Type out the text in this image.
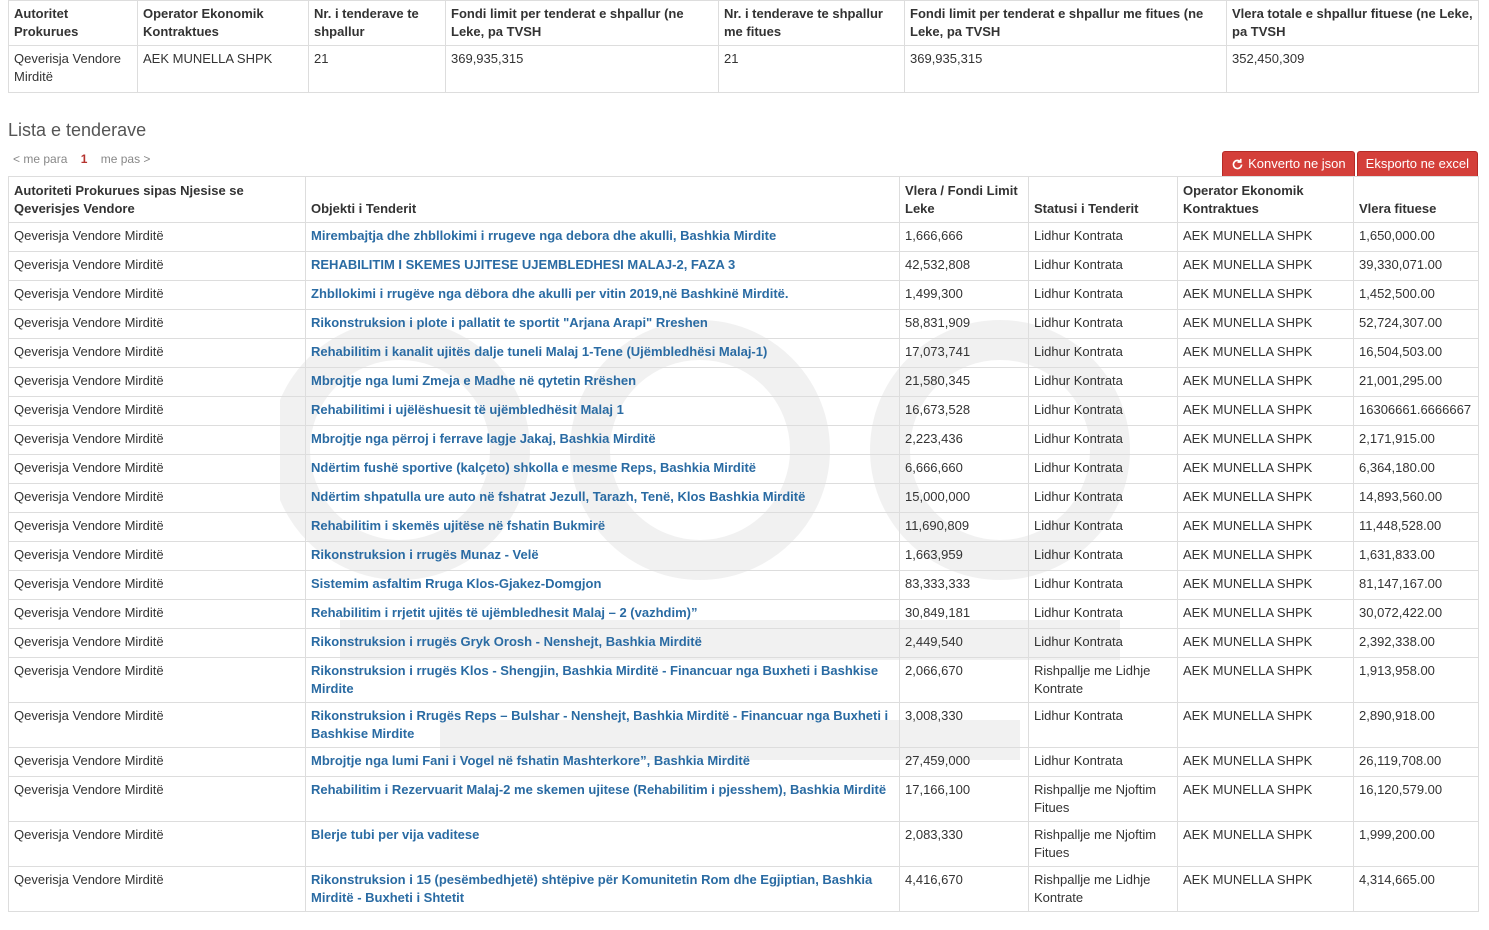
Autoritet Prokurues	Operator Ekonomik Kontraktues	Nr. i tenderave te shpallur	Fondi limit per tenderat e shpallur (ne Leke, pa TVSH	Nr. i tenderave te shpallur me fitues	Fondi limit per tenderat e shpallur me fitues (ne Leke, pa TVSH	Vlera totale e shpallur fituese (ne Leke, pa TVSH
Qeverisja Vendore Mirditë	AEK MUNELLA SHPK	21	369,935,315	21	369,935,315	352,450,309
Lista e tenderave
< me para 1 me pas >	Konverto ne json Eksporto ne excel
Autoriteti Prokurues sipas Njesise se Qeverisjes Vendore	Objekti i Tenderit	Vlera / Fondi Limit Leke	Statusi i Tenderit	Operator Ekonomik Kontraktues	Vlera fituese
Qeverisja Vendore Mirditë	Mirembajtja dhe zhbllokimi i rrugeve nga debora dhe akulli, Bashkia Mirdite	1,666,666	Lidhur Kontrata	AEK MUNELLA SHPK	1,650,000.00
Qeverisja Vendore Mirditë	REHABILITIM I SKEMES UJITESE UJEMBLEDHESI MALAJ-2, FAZA 3	42,532,808	Lidhur Kontrata	AEK MUNELLA SHPK	39,330,071.00
Qeverisja Vendore Mirditë	Zhbllokimi i rrugëve nga dëbora dhe akulli per vitin 2019,në Bashkinë Mirditë.	1,499,300	Lidhur Kontrata	AEK MUNELLA SHPK	1,452,500.00
Qeverisja Vendore Mirditë	Rikonstruksion i plote i pallatit te sportit "Arjana Arapi" Rreshen	58,831,909	Lidhur Kontrata	AEK MUNELLA SHPK	52,724,307.00
Qeverisja Vendore Mirditë	Rehabilitim i kanalit ujitës dalje tuneli Malaj 1-Tene (Ujëmbledhësi Malaj-1)	17,073,741	Lidhur Kontrata	AEK MUNELLA SHPK	16,504,503.00
Qeverisja Vendore Mirditë	Mbrojtje nga lumi Zmeja e Madhe në qytetin Rrëshen	21,580,345	Lidhur Kontrata	AEK MUNELLA SHPK	21,001,295.00
Qeverisja Vendore Mirditë	Rehabilitimi i ujëlëshuesit të ujëmbledhësit Malaj 1	16,673,528	Lidhur Kontrata	AEK MUNELLA SHPK	16306661.6666667
Qeverisja Vendore Mirditë	Mbrojtje nga përroj i ferrave lagje Jakaj, Bashkia Mirditë	2,223,436	Lidhur Kontrata	AEK MUNELLA SHPK	2,171,915.00
Qeverisja Vendore Mirditë	Ndërtim fushë sportive (kalçeto) shkolla e mesme Reps, Bashkia Mirditë	6,666,660	Lidhur Kontrata	AEK MUNELLA SHPK	6,364,180.00
Qeverisja Vendore Mirditë	Ndërtim shpatulla ure auto në fshatrat Jezull, Tarazh, Tenë, Klos Bashkia Mirditë	15,000,000	Lidhur Kontrata	AEK MUNELLA SHPK	14,893,560.00
Qeverisja Vendore Mirditë	Rehabilitim i skemës ujitëse në fshatin Bukmirë	11,690,809	Lidhur Kontrata	AEK MUNELLA SHPK	11,448,528.00
Qeverisja Vendore Mirditë	Rikonstruksion i rrugës Munaz - Velë	1,663,959	Lidhur Kontrata	AEK MUNELLA SHPK	1,631,833.00
Qeverisja Vendore Mirditë	Sistemim asfaltim Rruga Klos-Gjakez-Domgjon	83,333,333	Lidhur Kontrata	AEK MUNELLA SHPK	81,147,167.00
Qeverisja Vendore Mirditë	Rehabilitim i rrjetit ujitës të ujëmbledhesit Malaj – 2 (vazhdim)”	30,849,181	Lidhur Kontrata	AEK MUNELLA SHPK	30,072,422.00
Qeverisja Vendore Mirditë	Rikonstruksion i rrugës Gryk Orosh - Nenshejt, Bashkia Mirditë	2,449,540	Lidhur Kontrata	AEK MUNELLA SHPK	2,392,338.00
Qeverisja Vendore Mirditë	Rikonstruksion i rrugës Klos - Shengjin, Bashkia Mirditë - Financuar nga Buxheti i Bashkise Mirdite	2,066,670	Rishpallje me Lidhje Kontrate	AEK MUNELLA SHPK	1,913,958.00
Qeverisja Vendore Mirditë	Rikonstruksion i Rrugës Reps – Bulshar - Nenshejt, Bashkia Mirditë - Financuar nga Buxheti i Bashkise Mirdite	3,008,330	Lidhur Kontrata	AEK MUNELLA SHPK	2,890,918.00
Qeverisja Vendore Mirditë	Mbrojtje nga lumi Fani i Vogel në fshatin Mashterkore”, Bashkia Mirditë	27,459,000	Lidhur Kontrata	AEK MUNELLA SHPK	26,119,708.00
Qeverisja Vendore Mirditë	Rehabilitim i Rezervuarit Malaj-2 me skemen ujitese (Rehabilitim i pjesshem), Bashkia Mirditë	17,166,100	Rishpallje me Njoftim Fitues	AEK MUNELLA SHPK	16,120,579.00
Qeverisja Vendore Mirditë	Blerje tubi per vija vaditese	2,083,330	Rishpallje me Njoftim Fitues	AEK MUNELLA SHPK	1,999,200.00
Qeverisja Vendore Mirditë	Rikonstruksion i 15 (pesëmbedhjetë) shtëpive për Komunitetin Rom dhe Egjiptian, Bashkia Mirditë - Buxheti i Shtetit	4,416,670	Rishpallje me Lidhje Kontrate	AEK MUNELLA SHPK	4,314,665.00
